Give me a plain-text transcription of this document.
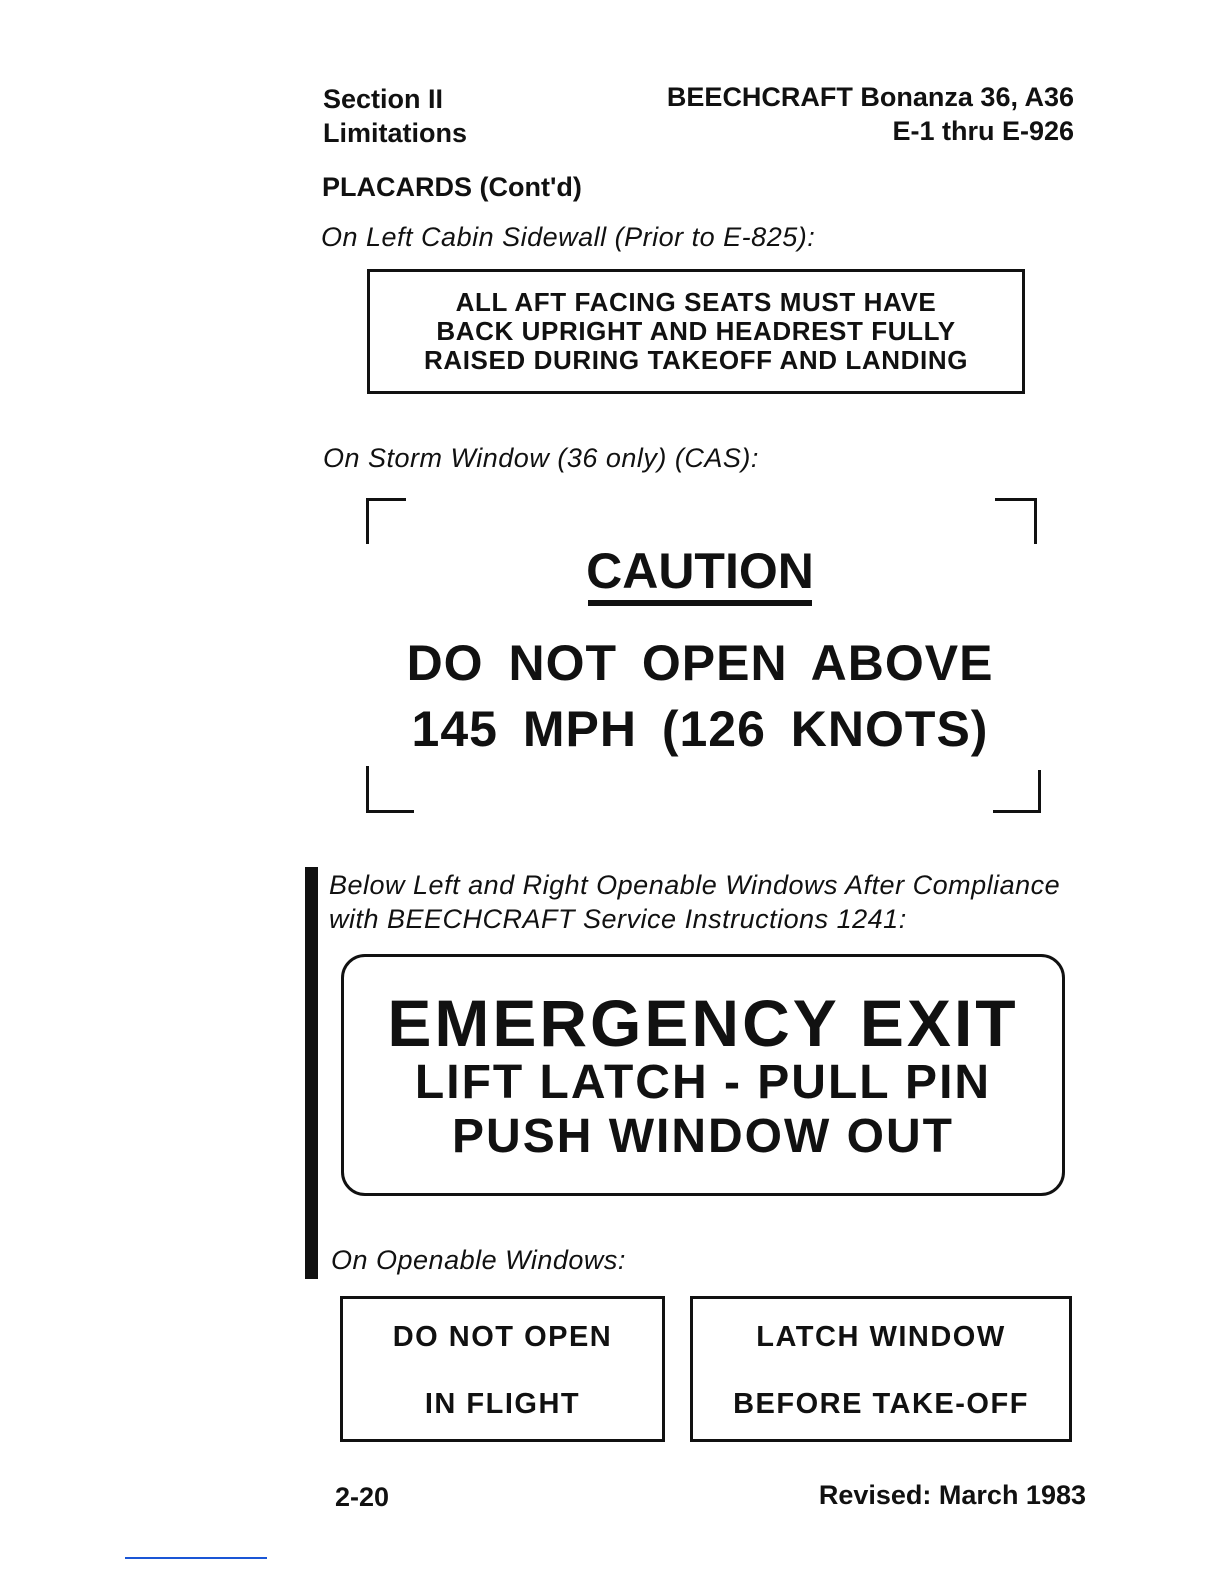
Section II
Limitations
BEECHCRAFT Bonanza 36, A36
E-1 thru E-926
PLACARDS (Cont'd)
On Left Cabin Sidewall (Prior to E-825):
ALL AFT FACING SEATS MUST HAVE
BACK UPRIGHT AND HEADREST FULLY
RAISED DURING TAKEOFF AND LANDING
On Storm Window (36 only) (CAS):
CAUTION
DO NOT OPEN ABOVE
145 MPH (126 KNOTS)
Below Left and Right Openable Windows After Compliance
with BEECHCRAFT Service Instructions 1241:
EMERGENCY EXIT
LIFT LATCH - PULL PIN
PUSH WINDOW OUT
On Openable Windows:
DO NOT OPEN
IN FLIGHT
LATCH WINDOW
BEFORE TAKE-OFF
2-20	Revised: March 1983
